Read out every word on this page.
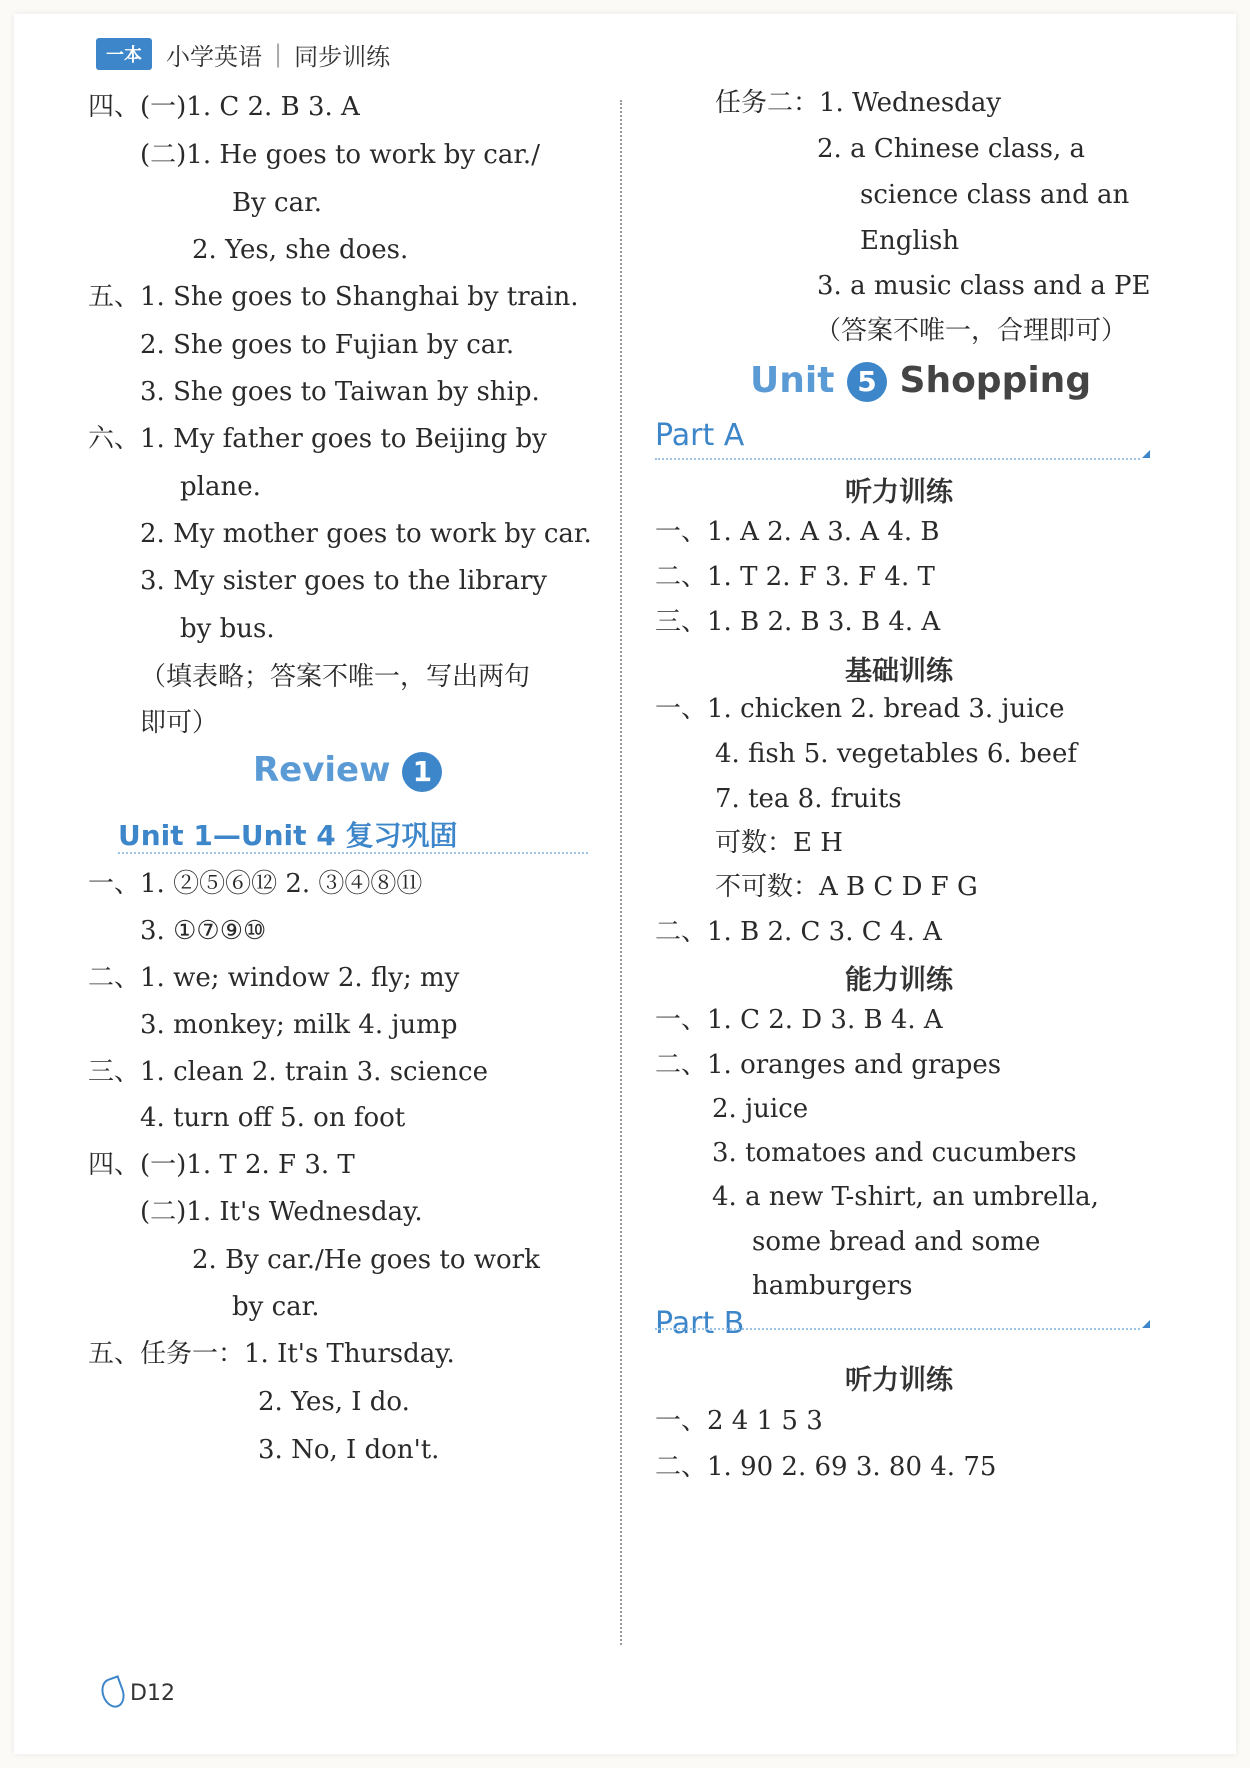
一本	小学英语 | 同步训练
四、(一)1. C 2. B 3. A
(二)1. He goes to work by car./
By car.
2. Yes, she does.
五、1. She goes to Shanghai by train.
2. She goes to Fujian by car.
3. She goes to Taiwan by ship.
六、1. My father goes to Beijing by
plane.
2. My mother goes to work by car.
3. My sister goes to the library
by bus.
（填表略；答案不唯一，写出两句
即可）
Review 1
Unit 1—Unit 4 复习巩固
一、1. ②⑤⑥⑫ 2. ③④⑧⑪
3. ①⑦⑨⑩
二、1. we; window 2. fly; my
3. monkey; milk 4. jump
三、1. clean 2. train 3. science
4. turn off 5. on foot
四、(一)1. T 2. F 3. T
(二)1. It's Wednesday.
2. By car./He goes to work
by car.
五、任务一：1. It's Thursday.
2. Yes, I do.
3. No, I don't.
任务二：1. Wednesday
2. a Chinese class, a
science class and an
English
3. a music class and a PE
（答案不唯一，合理即可）
Unit 5 Shopping
Part A
听力训练
一、1. A 2. A 3. A 4. B
二、1. T 2. F 3. F 4. T
三、1. B 2. B 3. B 4. A
基础训练
一、1. chicken 2. bread 3. juice
4. fish 5. vegetables 6. beef
7. tea 8. fruits
可数：E H
不可数：A B C D F G
二、1. B 2. C 3. C 4. A
能力训练
一、1. C 2. D 3. B 4. A
二、1. oranges and grapes
2. juice
3. tomatoes and cucumbers
4. a new T-shirt, an umbrella,
some bread and some
hamburgers
Part B
听力训练
一、2 4 1 5 3
二、1. 90 2. 69 3. 80 4. 75
D12
